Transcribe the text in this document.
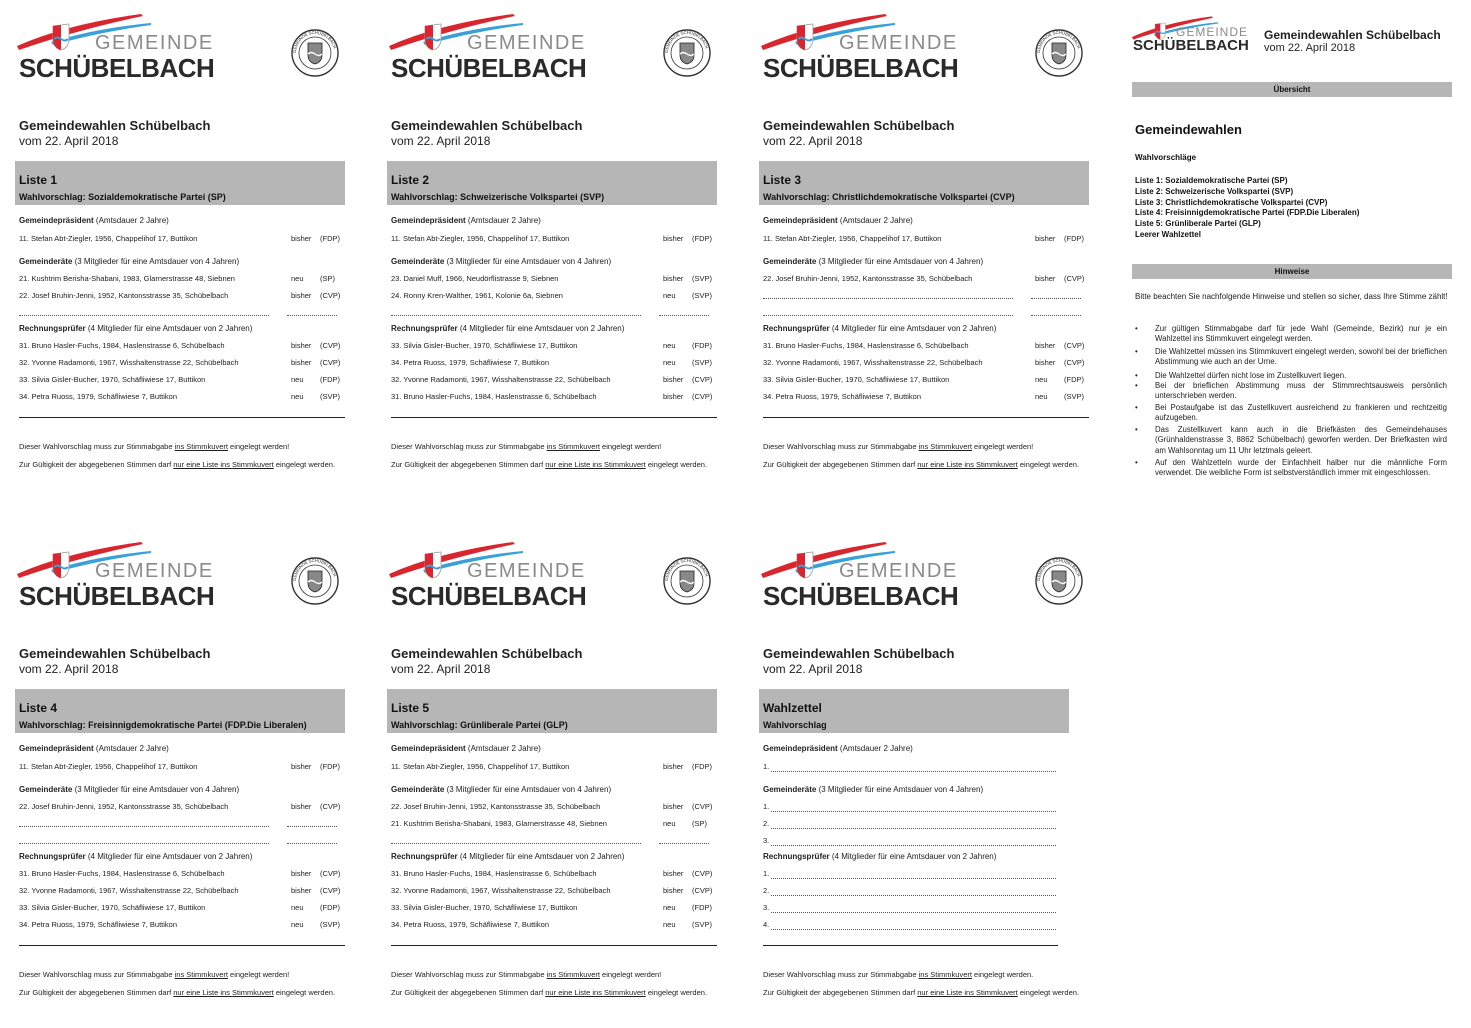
GEMEINDE
SCHÜBELBACH
GEMEINDE SCHÜBELBACH
Gemeindewahlen Schübelbach
vom 22. April 2018
Liste 1
Wahlvorschlag: Sozialdemokratische Partei (SP)
Gemeindepräsident (Amtsdauer 2 Jahre)
11. Stefan Abt-Ziegler, 1956, Chappelihof 17, Buttikon	bisher (FDP)
Gemeinderäte (3 Mitglieder für eine Amtsdauer von 4 Jahren)
21. Kushtrim Berisha-Shabani, 1983, Glarnerstrasse 48, Siebnen	neu (SP)
22. Josef Bruhin-Jenni, 1952, Kantonsstrasse 35, Schübelbach	bisher (CVP)
Rechnungsprüfer (4 Mitglieder für eine Amtsdauer von 2 Jahren)
31. Bruno Hasler-Fuchs, 1984, Haslenstrasse 6, Schübelbach	bisher (CVP)
32. Yvonne Radamonti, 1967, Wisshaltenstrasse 22, Schübelbach	bisher (CVP)
33. Silvia Gisler-Bucher, 1970, Schäfliwiese 17, Buttikon	neu (FDP)
34. Petra Ruoss, 1979, Schäfliwiese 7, Buttikon	neu (SVP)
Dieser Wahlvorschlag muss zur Stimmabgabe ins Stimmkuvert eingelegt werden!
Zur Gültigkeit der abgegebenen Stimmen darf nur eine Liste ins Stimmkuvert eingelegt werden.
GEMEINDE
SCHÜBELBACH
GEMEINDE SCHÜBELBACH
Gemeindewahlen Schübelbach
vom 22. April 2018
Liste 2
Wahlvorschlag: Schweizerische Volkspartei (SVP)
Gemeindepräsident (Amtsdauer 2 Jahre)
11. Stefan Abt-Ziegler, 1956, Chappelihof 17, Buttikon	bisher (FDP)
Gemeinderäte (3 Mitglieder für eine Amtsdauer von 4 Jahren)
23. Daniel Muff, 1966, Neudörflistrasse 9, Siebnen	bisher (SVP)
24. Ronny Kren-Walther, 1961, Kolonie 6a, Siebnen	neu (SVP)
Rechnungsprüfer (4 Mitglieder für eine Amtsdauer von 2 Jahren)
33. Silvia Gisler-Bucher, 1970, Schäfliwiese 17, Buttikon	neu (FDP)
34. Petra Ruoss, 1979, Schäfliwiese 7, Buttikon	neu (SVP)
32. Yvonne Radamonti, 1967, Wisshaltenstrasse 22, Schübelbach	bisher (CVP)
31. Bruno Hasler-Fuchs, 1984, Haslenstrasse 6, Schübelbach	bisher (CVP)
Dieser Wahlvorschlag muss zur Stimmabgabe ins Stimmkuvert eingelegt werden!
Zur Gültigkeit der abgegebenen Stimmen darf nur eine Liste ins Stimmkuvert eingelegt werden.
GEMEINDE
SCHÜBELBACH
GEMEINDE SCHÜBELBACH
Gemeindewahlen Schübelbach
vom 22. April 2018
Liste 3
Wahlvorschlag: Christlichdemokratische Volkspartei (CVP)
Gemeindepräsident (Amtsdauer 2 Jahre)
11. Stefan Abt-Ziegler, 1956, Chappelihof 17, Buttikon	bisher (FDP)
Gemeinderäte (3 Mitglieder für eine Amtsdauer von 4 Jahren)
22. Josef Bruhin-Jenni, 1952, Kantonsstrasse 35, Schübelbach	bisher (CVP)
Rechnungsprüfer (4 Mitglieder für eine Amtsdauer von 2 Jahren)
31. Bruno Hasler-Fuchs, 1984, Haslenstrasse 6, Schübelbach	bisher (CVP)
32. Yvonne Radamonti, 1967, Wisshaltenstrasse 22, Schübelbach	bisher (CVP)
33. Silvia Gisler-Bucher, 1970, Schäfliwiese 17, Buttikon	neu (FDP)
34. Petra Ruoss, 1979, Schäfliwiese 7, Buttikon	neu (SVP)
Dieser Wahlvorschlag muss zur Stimmabgabe ins Stimmkuvert eingelegt werden!
Zur Gültigkeit der abgegebenen Stimmen darf nur eine Liste ins Stimmkuvert eingelegt werden.
GEMEINDE
SCHÜBELBACH
Gemeindewahlen Schübelbach
vom 22. April 2018
Übersicht
Gemeindewahlen
Wahlvorschläge
Liste 1: Sozialdemokratische Partei (SP)
Liste 2: Schweizerische Volkspartei (SVP)
Liste 3: Christlichdemokratische Volkspartei (CVP)
Liste 4: Freisinnigdemokratische Partei (FDP.Die Liberalen)
Liste 5: Grünliberale Partei (GLP)
Leerer Wahlzettel
Hinweise
Bitte beachten Sie nachfolgende Hinweise und stellen so sicher, dass Ihre Stimme zählt!
•	Zur gültigen Stimmabgabe darf für jede Wahl (Gemeinde, Bezirk) nur je ein Wahlzettel ins Stimmkuvert eingelegt werden.
•	Die Wahlzettel müssen ins Stimmkuvert eingelegt werden, sowohl bei der brieflichen Abstimmung wie auch an der Urne.
•	Die Wahlzettel dürfen nicht lose im Zustellkuvert liegen.
•	Bei der brieflichen Abstimmung muss der Stimmrechtsausweis persönlich unterschrieben werden.
•	Bei Postaufgabe ist das Zustellkuvert ausreichend zu frankieren und rechtzeitig aufzugeben.
•	Das Zustellkuvert kann auch in die Briefkästen des Gemeindehauses (Grünhaldenstrasse 3, 8862 Schübelbach) geworfen werden. Der Briefkasten wird am Wahlsonntag um 11 Uhr letztmals geleert.
•	Auf den Wahlzetteln wurde der Einfachheit halber nur die männliche Form verwendet. Die weibliche Form ist selbstverständlich immer mit eingeschlossen.
GEMEINDE
SCHÜBELBACH
GEMEINDE SCHÜBELBACH
Gemeindewahlen Schübelbach
vom 22. April 2018
Liste 4
Wahlvorschlag: Freisinnigdemokratische Partei (FDP.Die Liberalen)
Gemeindepräsident (Amtsdauer 2 Jahre)
11. Stefan Abt-Ziegler, 1956, Chappelihof 17, Buttikon	bisher (FDP)
Gemeinderäte (3 Mitglieder für eine Amtsdauer von 4 Jahren)
22. Josef Bruhin-Jenni, 1952, Kantonsstrasse 35, Schübelbach	bisher (CVP)
Rechnungsprüfer (4 Mitglieder für eine Amtsdauer von 2 Jahren)
31. Bruno Hasler-Fuchs, 1984, Haslenstrasse 6, Schübelbach	bisher (CVP)
32. Yvonne Radamonti, 1967, Wisshaltenstrasse 22, Schübelbach	bisher (CVP)
33. Silvia Gisler-Bucher, 1970, Schäfliwiese 17, Buttikon	neu (FDP)
34. Petra Ruoss, 1979, Schäfliwiese 7, Buttikon	neu (SVP)
Dieser Wahlvorschlag muss zur Stimmabgabe ins Stimmkuvert eingelegt werden!
Zur Gültigkeit der abgegebenen Stimmen darf nur eine Liste ins Stimmkuvert eingelegt werden.
GEMEINDE
SCHÜBELBACH
GEMEINDE SCHÜBELBACH
Gemeindewahlen Schübelbach
vom 22. April 2018
Liste 5
Wahlvorschlag: Grünliberale Partei (GLP)
Gemeindepräsident (Amtsdauer 2 Jahre)
11. Stefan Abt-Ziegler, 1956, Chappelihof 17, Buttikon	bisher (FDP)
Gemeinderäte (3 Mitglieder für eine Amtsdauer von 4 Jahren)
22. Josef Bruhin-Jenni, 1952, Kantonsstrasse 35, Schübelbach	bisher (CVP)
21. Kushtrim Berisha-Shabani, 1983, Glarnerstrasse 48, Siebnen	neu (SP)
Rechnungsprüfer (4 Mitglieder für eine Amtsdauer von 2 Jahren)
31. Bruno Hasler-Fuchs, 1984, Haslenstrasse 6, Schübelbach	bisher (CVP)
32. Yvonne Radamonti, 1967, Wisshaltenstrasse 22, Schübelbach	bisher (CVP)
33. Silvia Gisler-Bucher, 1970, Schäfliwiese 17, Buttikon	neu (FDP)
34. Petra Ruoss, 1979, Schäfliwiese 7, Buttikon	neu (SVP)
Dieser Wahlvorschlag muss zur Stimmabgabe ins Stimmkuvert eingelegt werden!
Zur Gültigkeit der abgegebenen Stimmen darf nur eine Liste ins Stimmkuvert eingelegt werden.
GEMEINDE
SCHÜBELBACH
GEMEINDE SCHÜBELBACH
Gemeindewahlen Schübelbach
vom 22. April 2018
Wahlzettel
Wahlvorschlag
Gemeindepräsident (Amtsdauer 2 Jahre)
1.
Gemeinderäte (3 Mitglieder für eine Amtsdauer von 4 Jahren)
1.
2.
3.
Rechnungsprüfer (4 Mitglieder für eine Amtsdauer von 2 Jahren)
1.
2.
3.
4.
Dieser Wahlvorschlag muss zur Stimmabgabe ins Stimmkuvert eingelegt werden.
Zur Gültigkeit der abgegebenen Stimmen darf nur eine Liste ins Stimmkuvert eingelegt werden.
